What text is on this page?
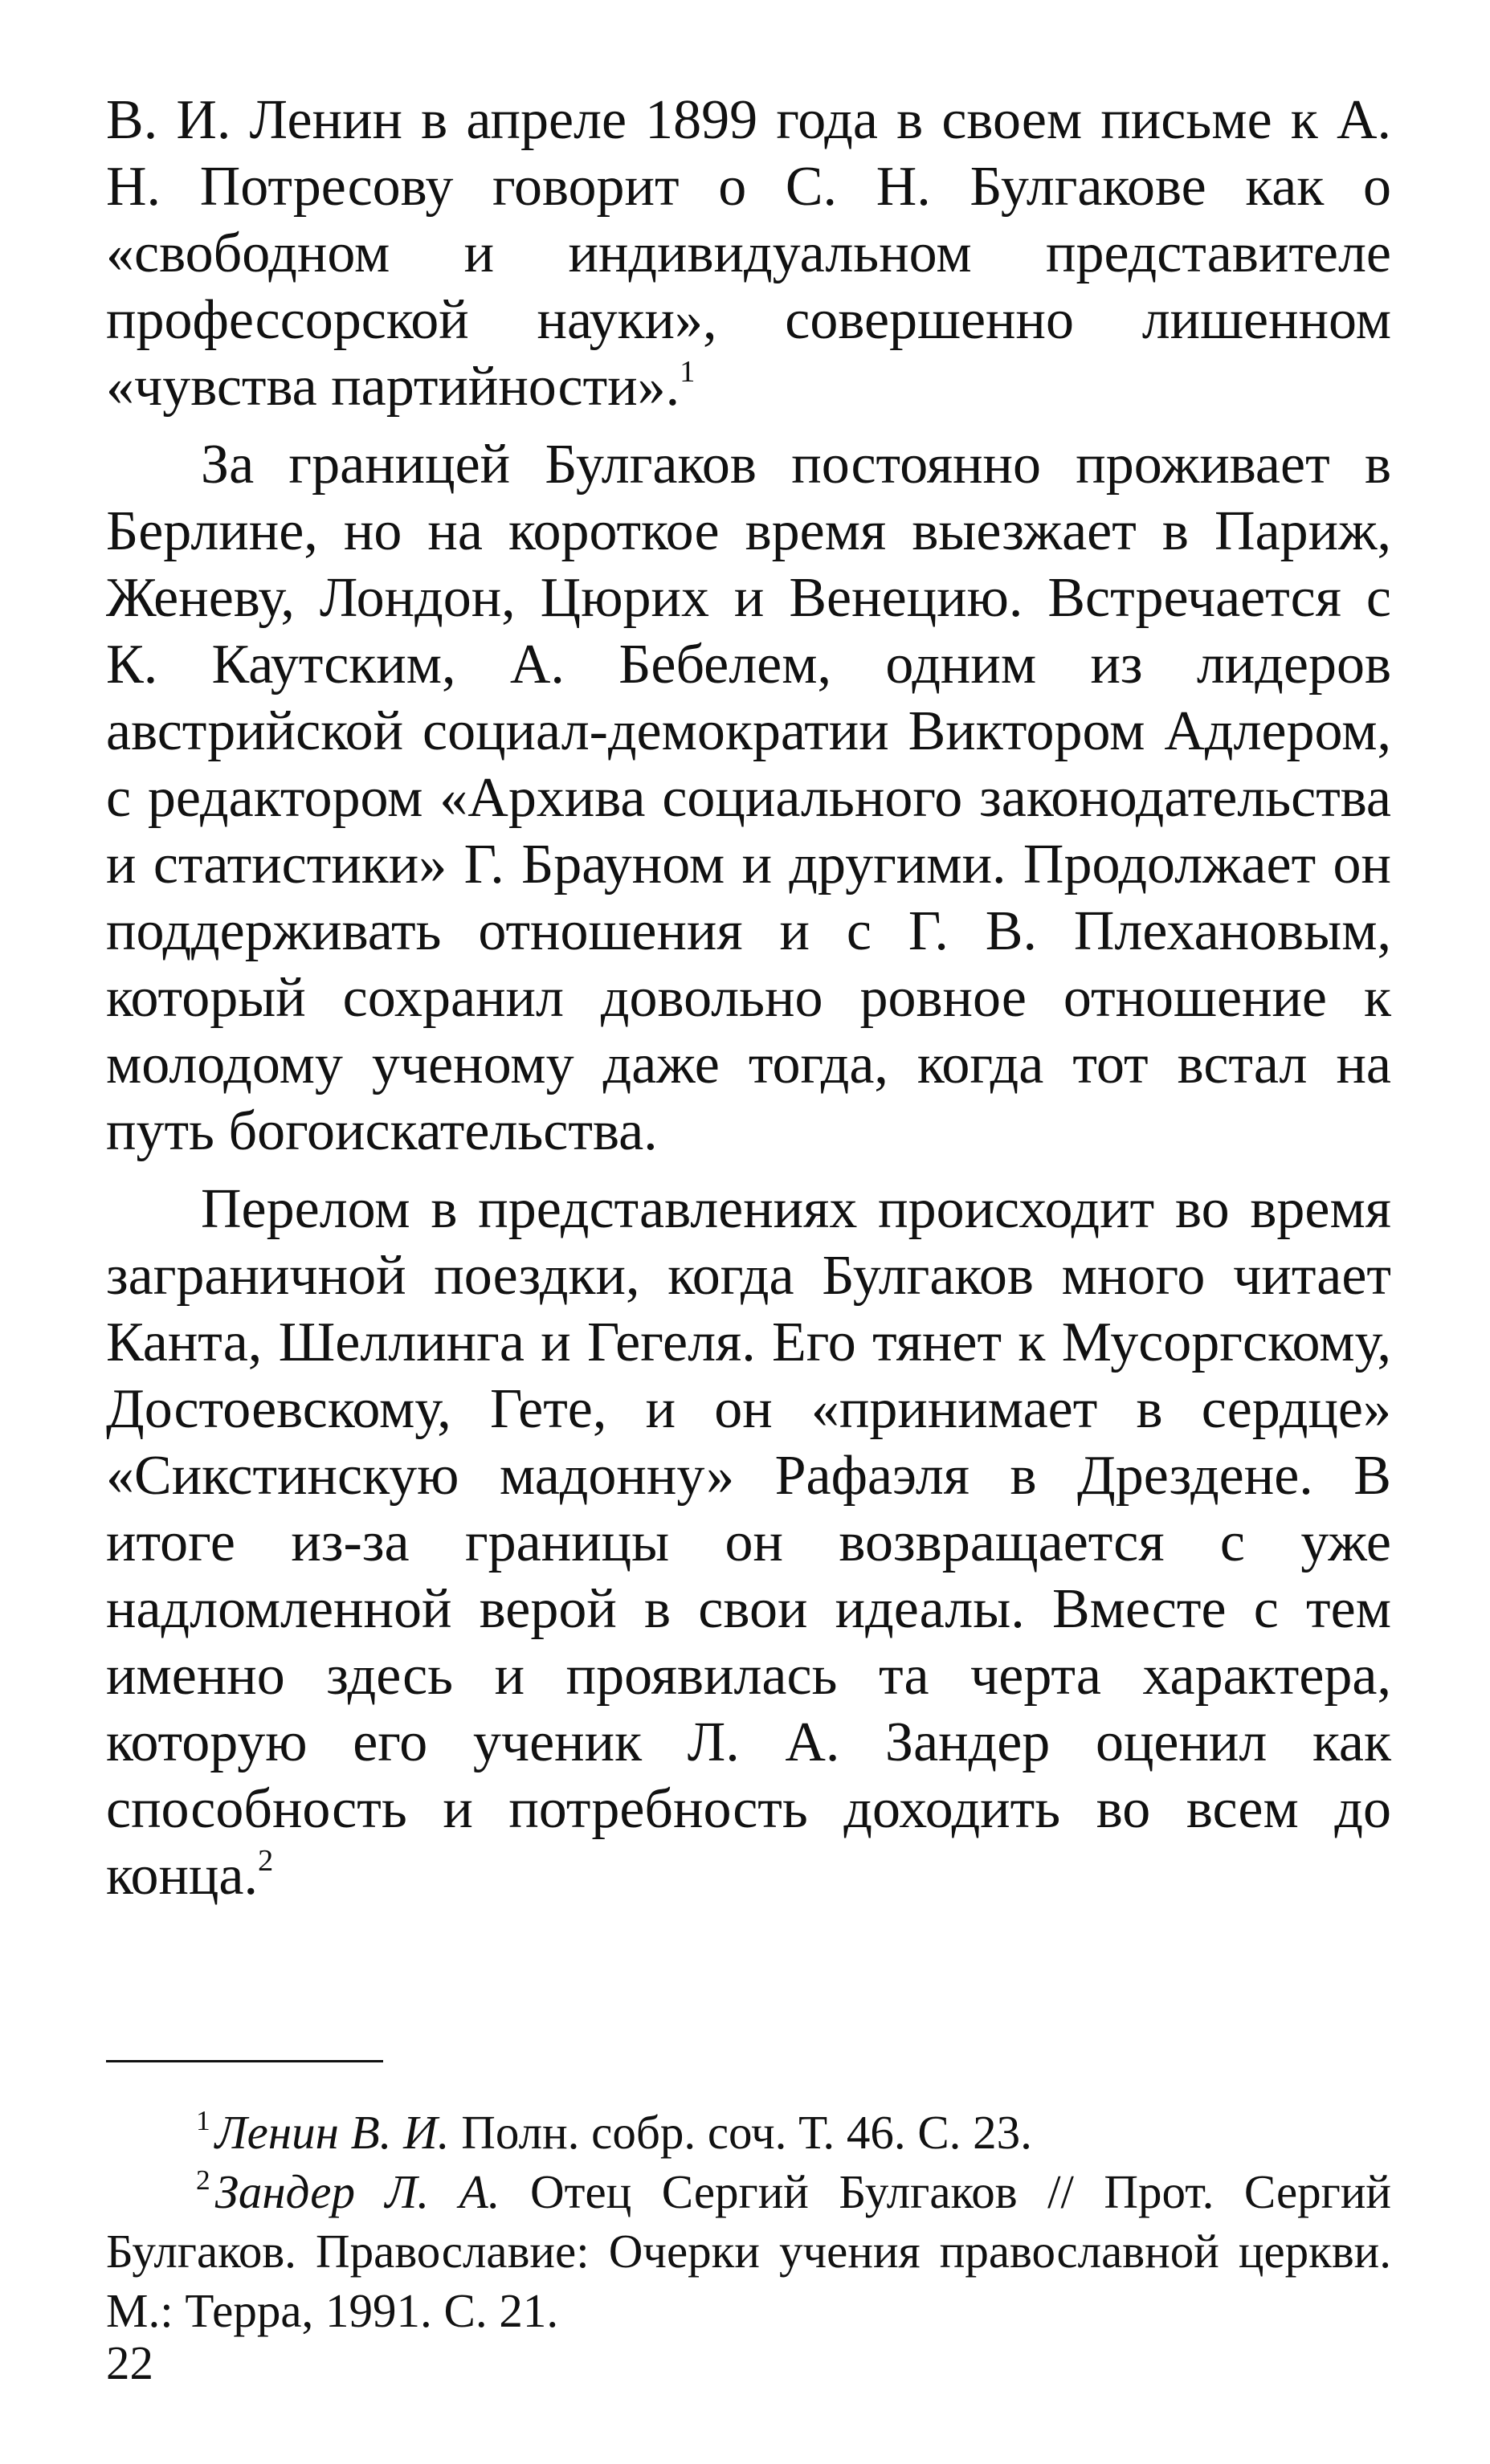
В. И. Ленин в апреле 1899 года в своем письме к А. Н. Потресову говорит о С. Н. Булгакове как о «свободном и индивидуальном представителе профессорской науки», совершенно лишенном «чувства партийности».$^1$

За границей Булгаков постоянно проживает в Берлине, но на короткое время выезжает в Париж, Женеву, Лондон, Цюрих и Венецию. Встречается с К. Каутским, А. Бебелем, одним из лидеров австрийской социал-демократии Виктором Адлером, с редактором «Архива социального законодательства и статистики» Г. Брауном и другими. Продолжает он поддерживать отношения и с Г. В. Плехановым, который сохранил довольно ровное отношение к молодому ученому даже тогда, когда тот встал на путь богоискательства.

Перелом в представлениях происходит во время заграничной поездки, когда Булгаков много читает Канта, Шеллинга и Гегеля. Его тянет к Мусоргскому, Достоевскому, Гете, и он «принимает в сердце» «Сикстинскую мадонну» Рафаэля в Дрездене. В итоге из-за границы он возвращается с уже надломленной верой в свои идеалы. Вместе с тем именно здесь и проявилась та черта характера, которую его ученик Л. А. Зандер оценил как способность и потребность доходить во всем до конца.$^2$

$^1$ Ленин В. И. Полн. собр. соч. Т. 46. С. 23.

$^2$ Зандер Л. А. Отец Сергий Булгаков // Прот. Сергий Булгаков. Православие: Очерки учения православной церкви. М.: Терра, 1991. С. 21.

22
